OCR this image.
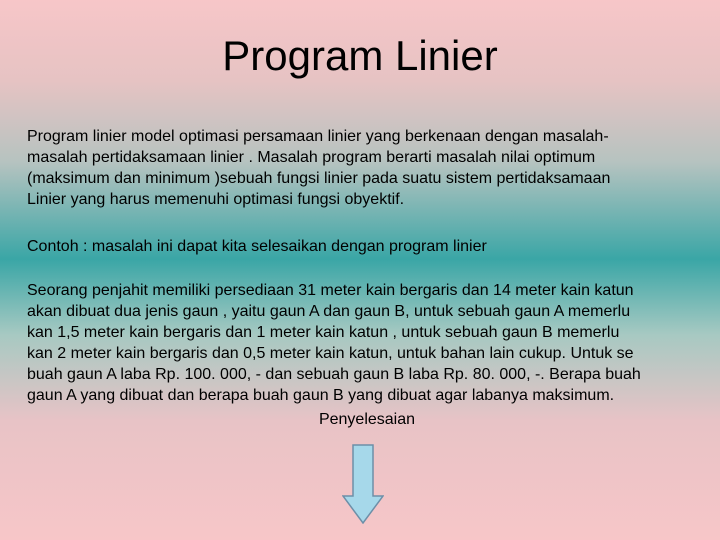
Program Linier

Program linier model optimasi persamaan linier yang berkenaan dengan masalah-
masalah pertidaksamaan linier . Masalah program berarti masalah nilai optimum
(maksimum dan minimum )sebuah fungsi linier pada suatu sistem pertidaksamaan
Linier yang harus memenuhi optimasi fungsi obyektif.

Contoh : masalah ini dapat kita selesaikan dengan program linier

Seorang penjahit memiliki persediaan 31 meter kain bergaris dan 14 meter kain katun
akan dibuat dua jenis gaun , yaitu gaun A dan gaun B, untuk sebuah gaun A memerlu
kan 1,5 meter kain bergaris dan 1 meter kain katun , untuk sebuah gaun B memerlu
kan 2 meter kain bergaris dan 0,5 meter kain katun, untuk bahan lain cukup. Untuk se
buah gaun A laba Rp. 100. 000, - dan sebuah gaun B laba Rp. 80. 000, -. Berapa buah
gaun A yang dibuat dan berapa buah gaun B yang dibuat agar labanya maksimum.

Penyelesaian
